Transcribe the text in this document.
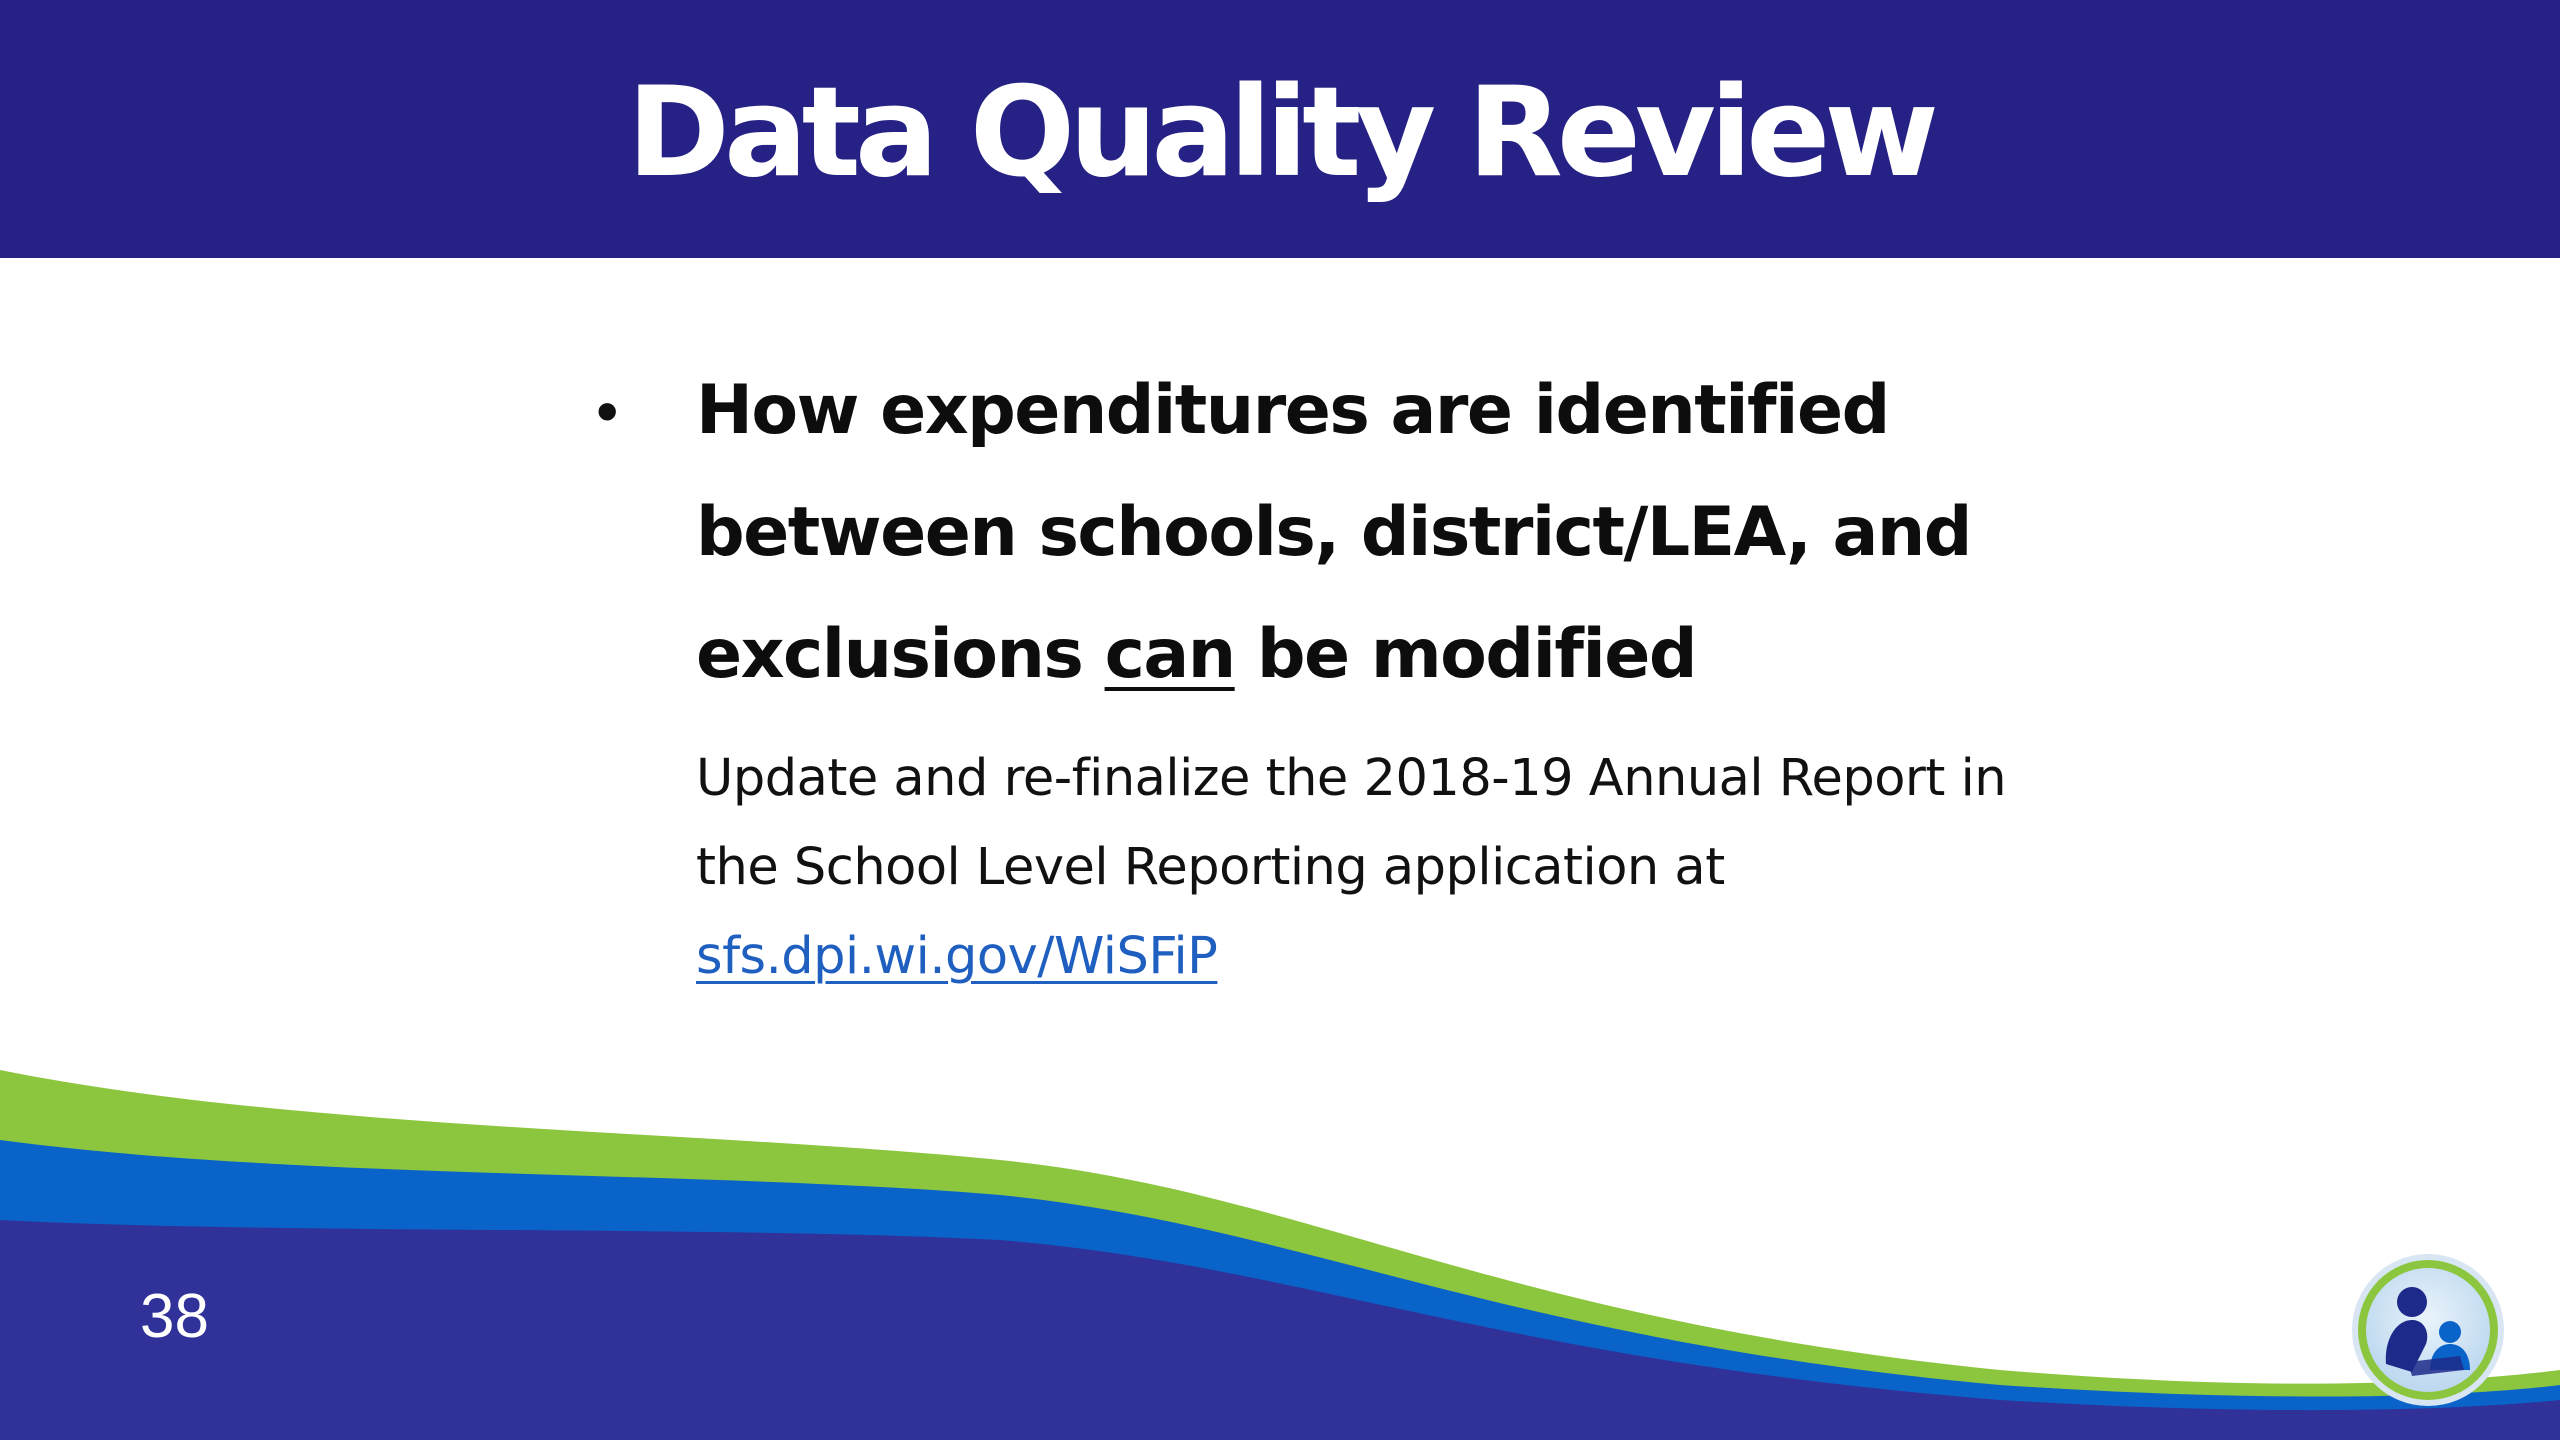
Data Quality Review
• How expenditures are identified between schools, district/LEA, and exclusions can be modified
Update and re-finalize the 2018-19 Annual Report in the School Level Reporting application at sfs.dpi.wi.gov/WiSFiP
38
